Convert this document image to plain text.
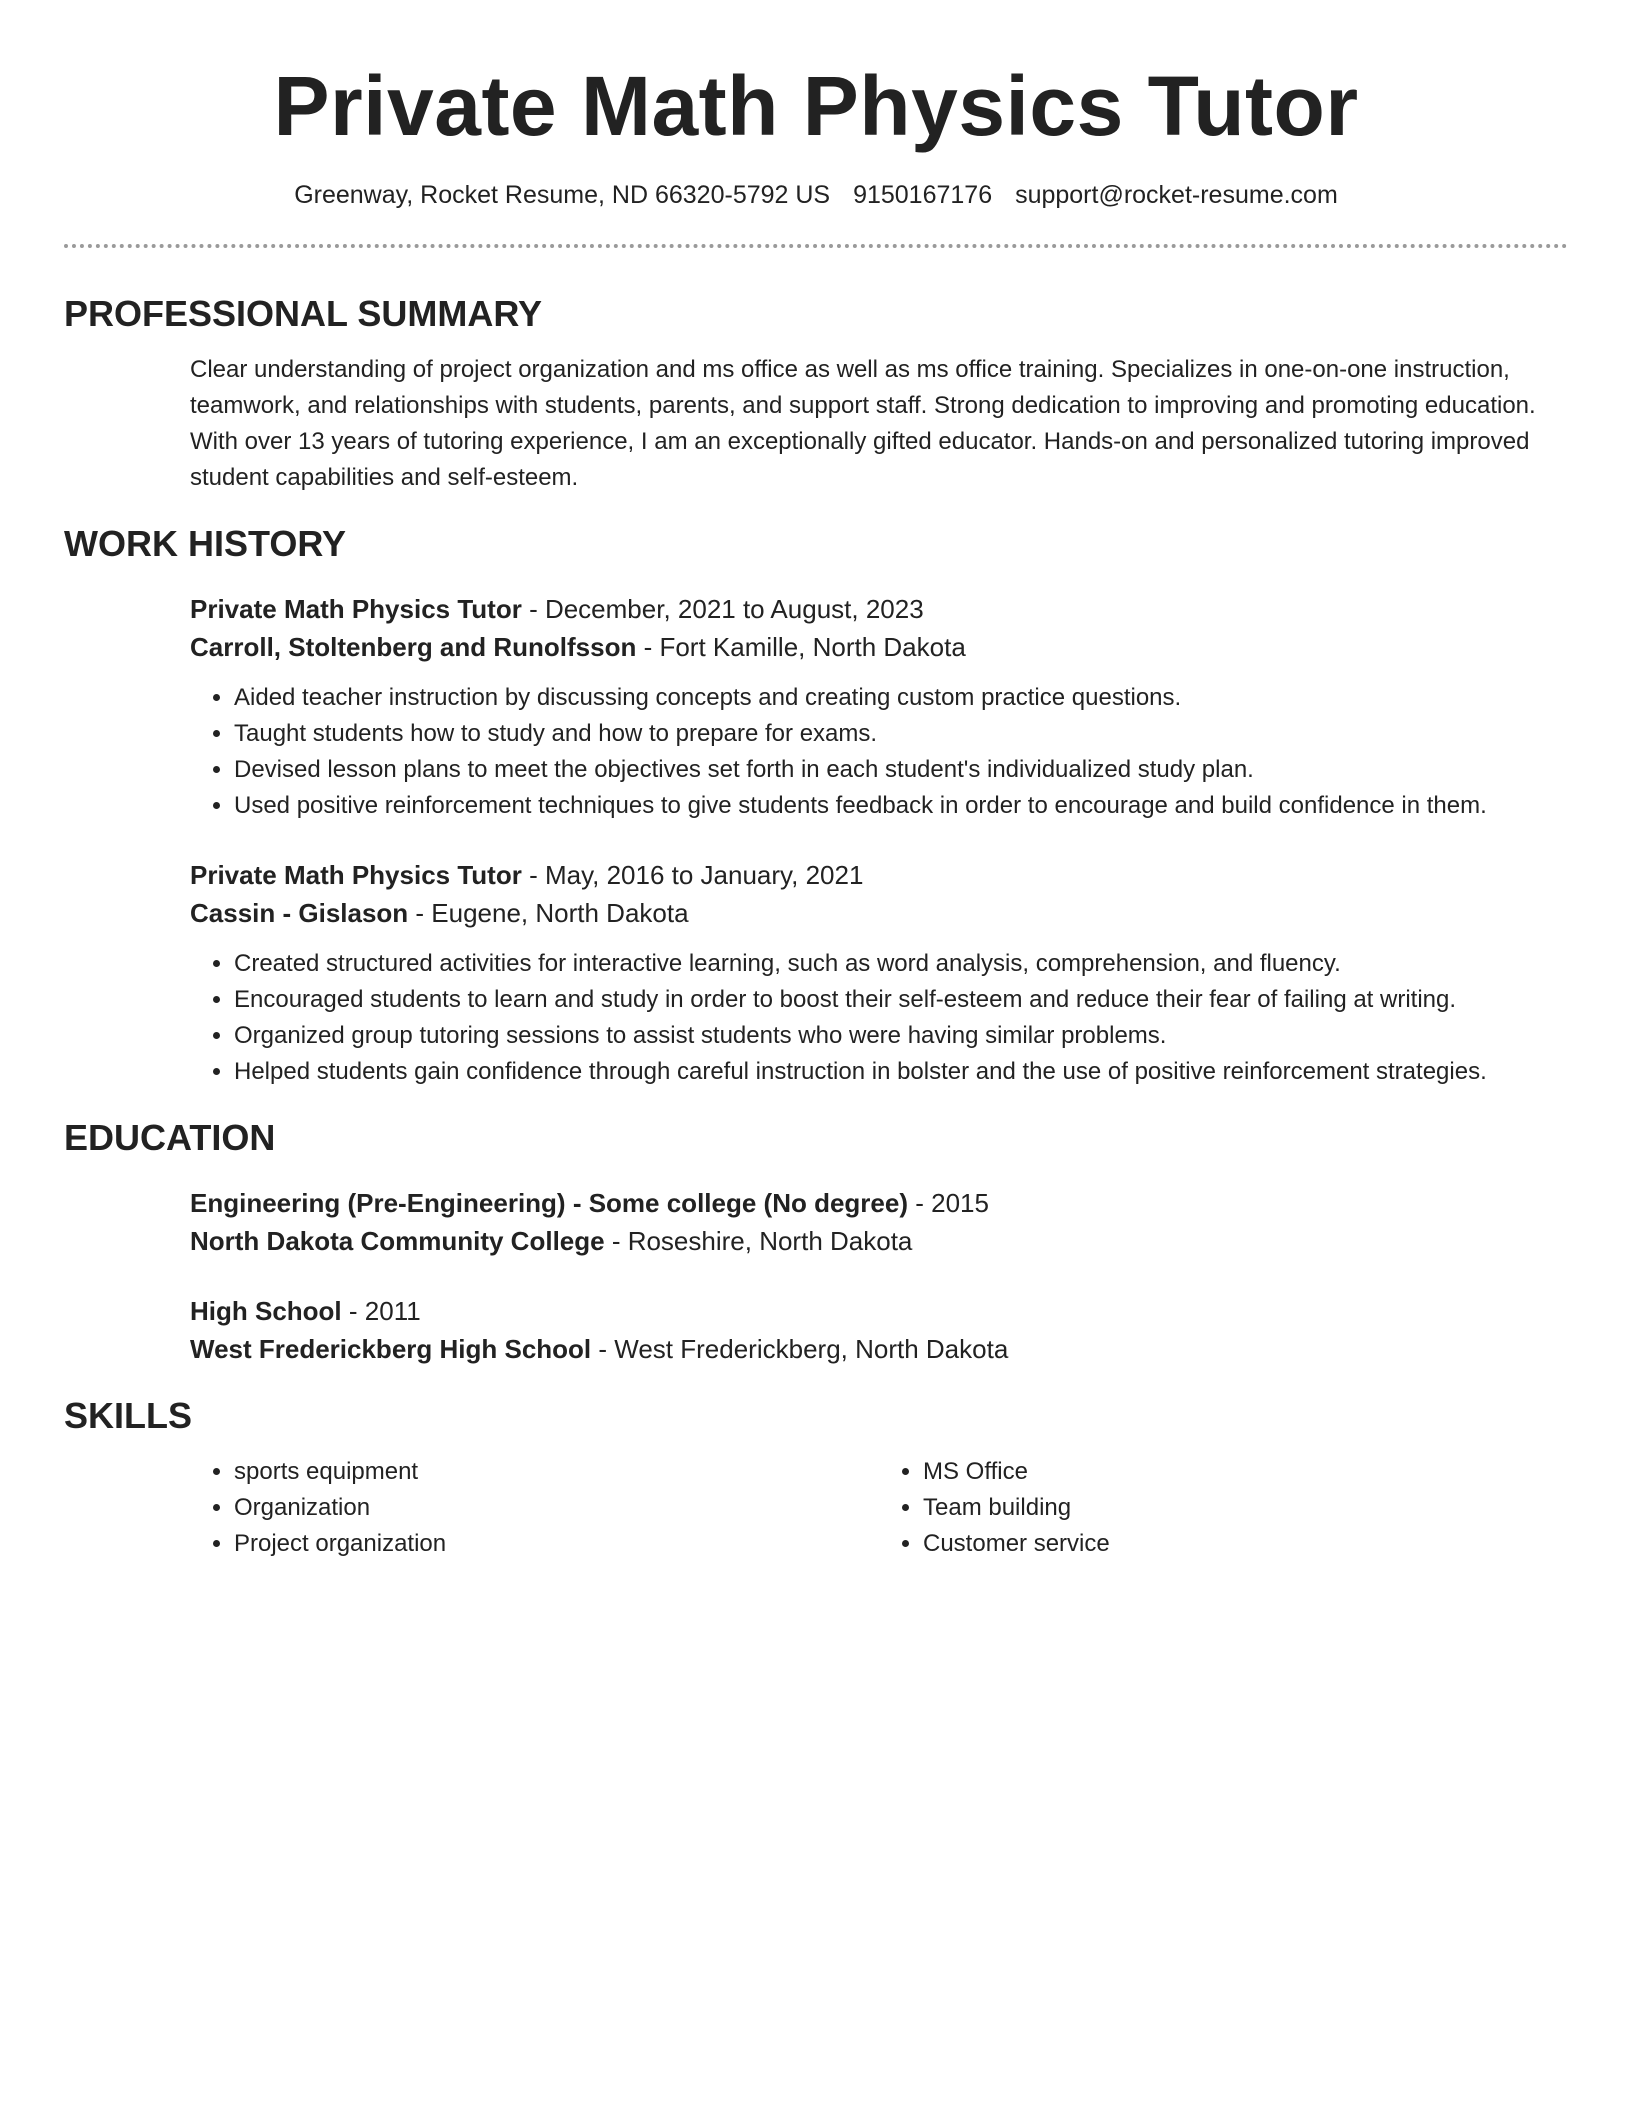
Private Math Physics Tutor
Greenway, Rocket Resume, ND 66320-5792 US 9150167176 support@rocket-resume.com
PROFESSIONAL SUMMARY

Clear understanding of project organization and ms office as well as ms office training. Specializes in one-on-one instruction, teamwork, and relationships with students, parents, and support staff. Strong dedication to improving and promoting education. With over 13 years of tutoring experience, I am an exceptionally gifted educator. Hands-on and personalized tutoring improved student capabilities and self-esteem.

WORK HISTORY
Private Math Physics Tutor - December, 2021 to August, 2023
Carroll, Stoltenberg and Runolfsson - Fort Kamille, North Dakota
• Aided teacher instruction by discussing concepts and creating custom practice questions.
• Taught students how to study and how to prepare for exams.
• Devised lesson plans to meet the objectives set forth in each student's individualized study plan.
• Used positive reinforcement techniques to give students feedback in order to encourage and build confidence in them.
Private Math Physics Tutor - May, 2016 to January, 2021
Cassin - Gislason - Eugene, North Dakota
• Created structured activities for interactive learning, such as word analysis, comprehension, and fluency.
• Encouraged students to learn and study in order to boost their self-esteem and reduce their fear of failing at writing.
• Organized group tutoring sessions to assist students who were having similar problems.
• Helped students gain confidence through careful instruction in bolster and the use of positive reinforcement strategies.
EDUCATION
Engineering (Pre-Engineering) - Some college (No degree) - 2015
North Dakota Community College - Roseshire, North Dakota
High School - 2011
West Frederickberg High School - West Frederickberg, North Dakota
SKILLS
• sports equipment
• Organization
• Project organization
• MS Office
• Team building
• Customer service
